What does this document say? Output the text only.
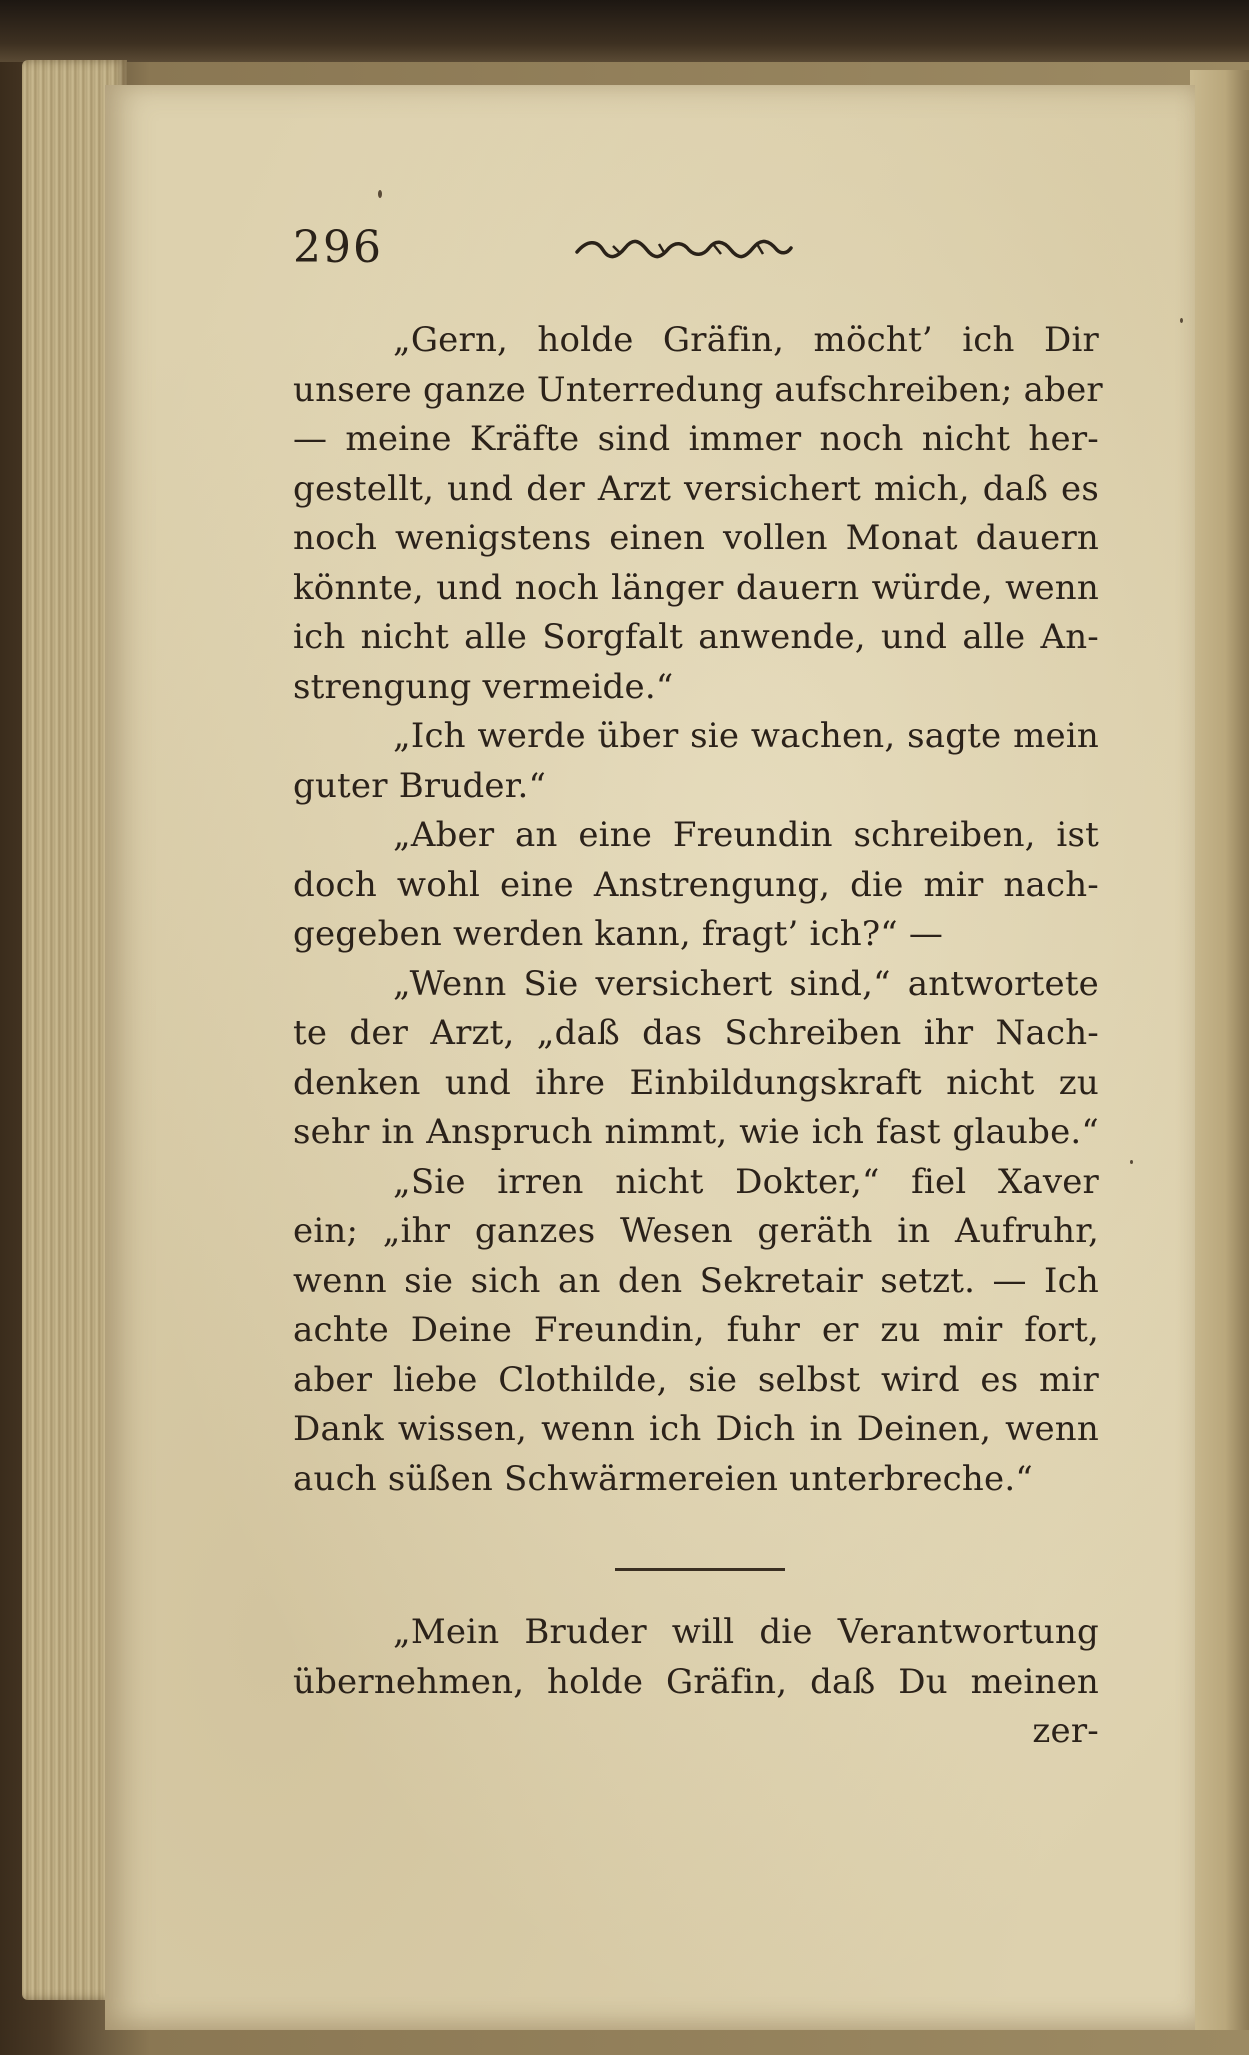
296
„Gern, holde Gräfin, möcht’ ich Dir
unsere ganze Unterredung aufschreiben; aber
— meine Kräfte sind immer noch nicht her-
gestellt, und der Arzt versichert mich, daß es
noch wenigstens einen vollen Monat dauern
könnte, und noch länger dauern würde, wenn
ich nicht alle Sorgfalt anwende, und alle An-
strengung vermeide.“
„Ich werde über sie wachen, sagte mein
guter Bruder.“
„Aber an eine Freundin schreiben, ist
doch wohl eine Anstrengung, die mir nach-
gegeben werden kann, fragt’ ich?“ —
„Wenn Sie versichert sind,“ antwortete
te der Arzt, „daß das Schreiben ihr Nach-
denken und ihre Einbildungskraft nicht zu
sehr in Anspruch nimmt, wie ich fast glaube.“
„Sie irren nicht Dokter,“ fiel Xaver
ein; „ihr ganzes Wesen geräth in Aufruhr,
wenn sie sich an den Sekretair setzt. — Ich
achte Deine Freundin, fuhr er zu mir fort,
aber liebe Clothilde, sie selbst wird es mir
Dank wissen, wenn ich Dich in Deinen, wenn
auch süßen Schwärmereien unterbreche.“
„Mein Bruder will die Verantwortung
übernehmen, holde Gräfin, daß Du meinen
zer-
